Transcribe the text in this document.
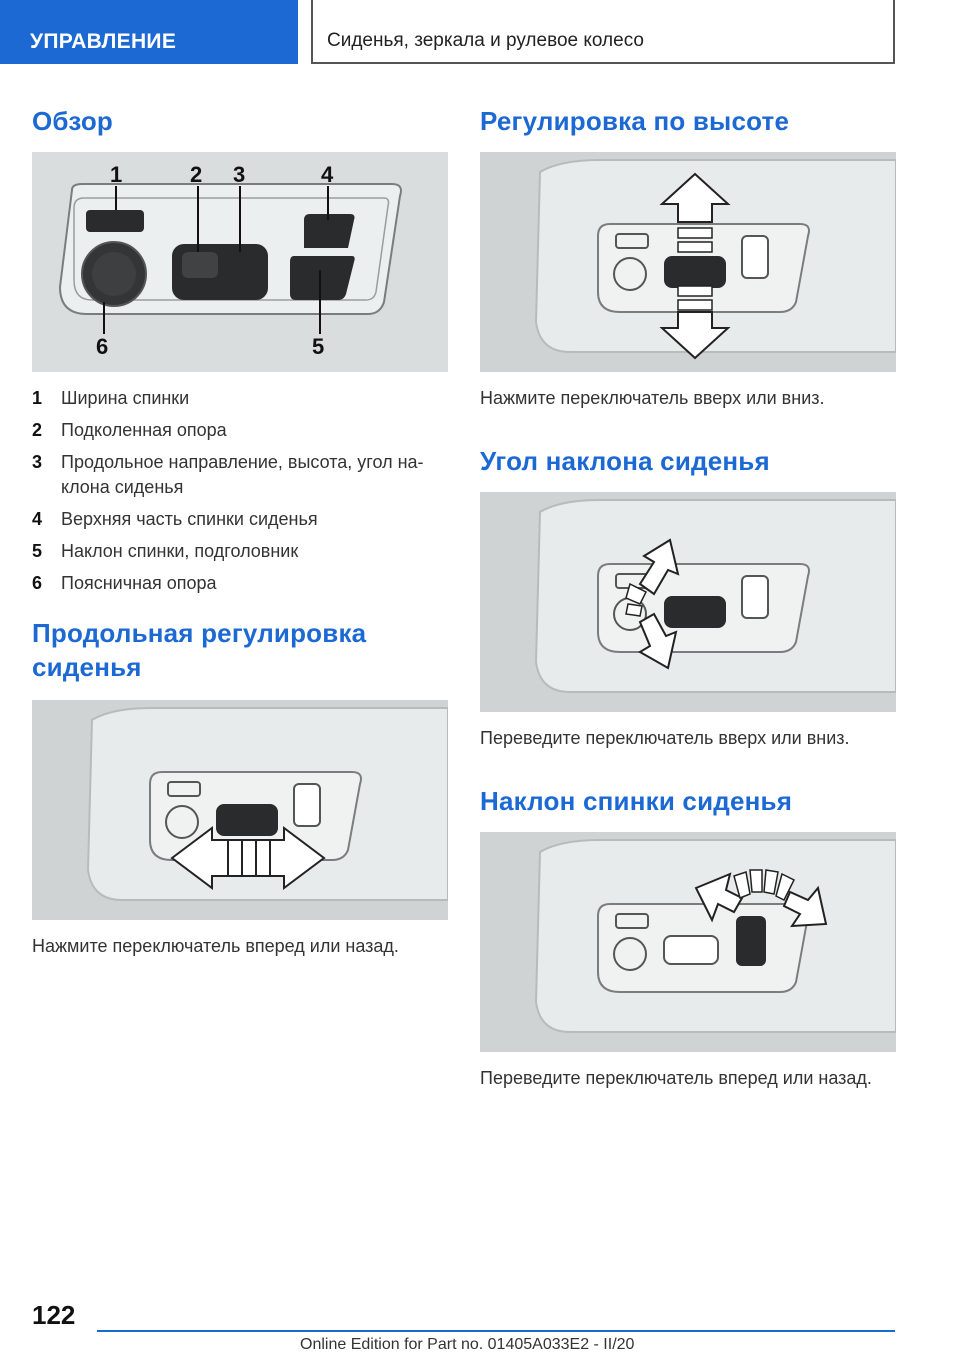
УПРАВЛЕНИЕ	Сиденья, зеркала и рулевое колесо
Обзор
1	2 3	4
5
6
1	Ширина спинки
2	Подколенная опора
3	Продольное направление, высота, угол на-клона сиденья
4	Верхняя часть спинки сиденья
5	Наклон спинки, подголовник
6	Поясничная опора
Продольная регулировка сиденья
Нажмите переключатель вперед или назад.
Регулировка по высоте
Нажмите переключатель вверх или вниз.
Угол наклона сиденья
Переведите переключатель вверх или вниз.
Наклон спинки сиденья
Переведите переключатель вперед или назад.
122
Online Edition for Part no. 01405A033E2 - II/20
